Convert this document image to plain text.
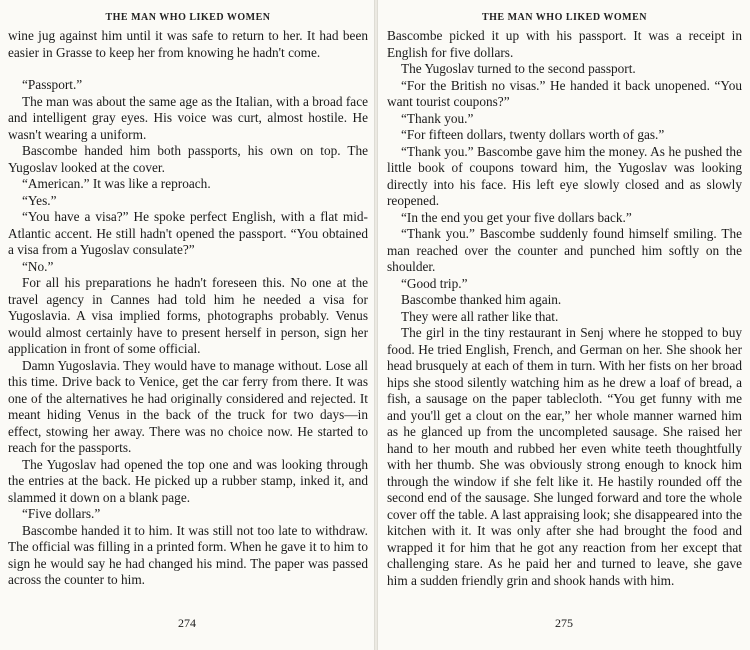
THE MAN WHO LIKED WOMEN

wine jug against him until it was safe to return to her. It had been easier in Grasse to keep her from knowing he hadn't come.

“Passport.”

The man was about the same age as the Italian, with a broad face and intelligent gray eyes. His voice was curt, almost hostile. He wasn't wearing a uniform.

Bascombe handed him both passports, his own on top. The Yugoslav looked at the cover.

“American.” It was like a reproach.

“Yes.”

“You have a visa?” He spoke perfect English, with a flat mid-Atlantic accent. He still hadn't opened the passport. “You obtained a visa from a Yugoslav consulate?”

“No.”

For all his preparations he hadn't foreseen this. No one at the travel agency in Cannes had told him he needed a visa for Yugoslavia. A visa implied forms, photographs probably. Venus would almost certainly have to present herself in person, sign her application in front of some official.

Damn Yugoslavia. They would have to manage without. Lose all this time. Drive back to Venice, get the car ferry from there. It was one of the alternatives he had originally considered and rejected. It meant hiding Venus in the back of the truck for two days—in effect, stowing her away. There was no choice now. He started to reach for the passports.

The Yugoslav had opened the top one and was looking through the entries at the back. He picked up a rubber stamp, inked it, and slammed it down on a blank page.

“Five dollars.”

Bascombe handed it to him. It was still not too late to withdraw. The official was filling in a printed form. When he gave it to him to sign he would say he had changed his mind. The paper was passed across the counter to him.

274
THE MAN WHO LIKED WOMEN

Bascombe picked it up with his passport. It was a receipt in English for five dollars.

The Yugoslav turned to the second passport.

“For the British no visas.” He handed it back unopened. “You want tourist coupons?”

“Thank you.”

“For fifteen dollars, twenty dollars worth of gas.”

“Thank you.” Bascombe gave him the money. As he pushed the little book of coupons toward him, the Yugoslav was looking directly into his face. His left eye slowly closed and as slowly reopened.

“In the end you get your five dollars back.”

“Thank you.” Bascombe suddenly found himself smiling. The man reached over the counter and punched him softly on the shoulder.

“Good trip.”

Bascombe thanked him again.

They were all rather like that.

The girl in the tiny restaurant in Senj where he stopped to buy food. He tried English, French, and German on her. She shook her head brusquely at each of them in turn. With her fists on her broad hips she stood silently watching him as he drew a loaf of bread, a fish, a sausage on the paper tablecloth. “You get funny with me and you'll get a clout on the ear,” her whole manner warned him as he glanced up from the uncompleted sausage. She raised her hand to her mouth and rubbed her even white teeth thoughtfully with her thumb. She was obviously strong enough to knock him through the window if she felt like it. He hastily rounded off the second end of the sausage. She lunged forward and tore the whole cover off the table. A last appraising look; she disappeared into the kitchen with it. It was only after she had brought the food and wrapped it for him that he got any reaction from her except that challenging stare. As he paid her and turned to leave, she gave him a sudden friendly grin and shook hands with him.

275
